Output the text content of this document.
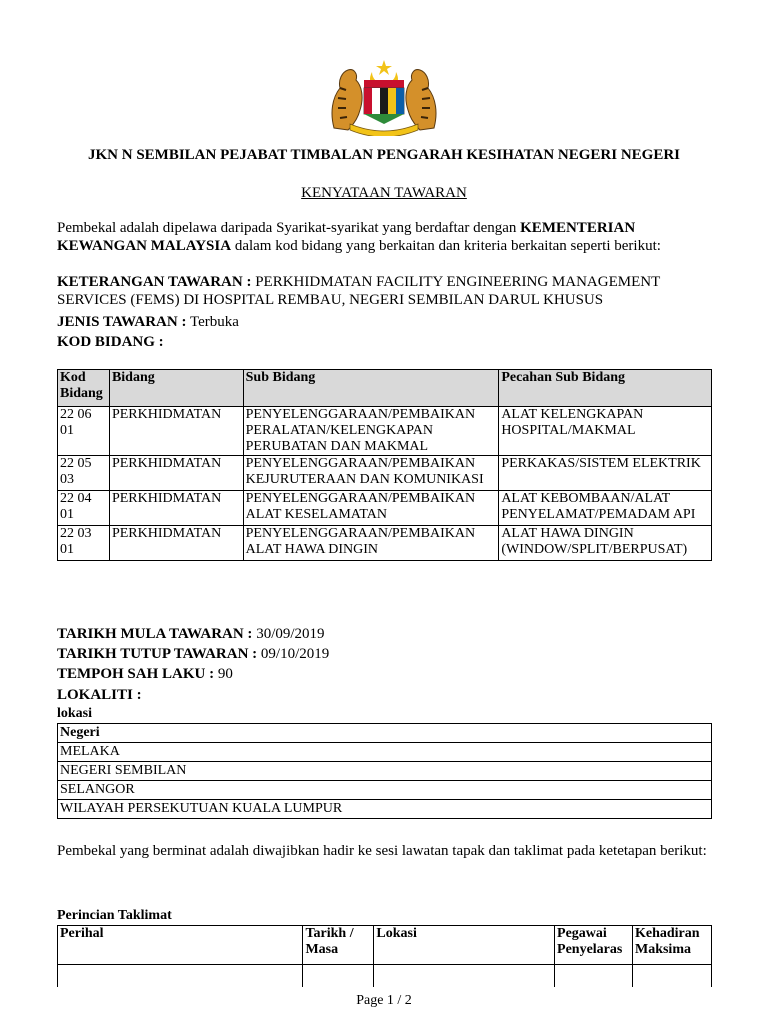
JKN N SEMBILAN PEJABAT TIMBALAN PENGARAH KESIHATAN NEGERI NEGERI
KENYATAAN TAWARAN
Pembekal adalah dipelawa daripada Syarikat-syarikat yang berdaftar dengan KEMENTERIAN KEWANGAN MALAYSIA dalam kod bidang yang berkaitan dan kriteria berkaitan seperti berikut:
KETERANGAN TAWARAN : PERKHIDMATAN FACILITY ENGINEERING MANAGEMENT SERVICES (FEMS) DI HOSPITAL REMBAU, NEGERI SEMBILAN DARUL KHUSUS
JENIS TAWARAN : Terbuka
KOD BIDANG :
Kod Bidang	Bidang	Sub Bidang	Pecahan Sub Bidang
22 06 01	PERKHIDMATAN	PENYELENGGARAAN/PEMBAIKAN PERALATAN/KELENGKAPAN PERUBATAN DAN MAKMAL	ALAT KELENGKAPAN HOSPITAL/MAKMAL
22 05 03	PERKHIDMATAN	PENYELENGGARAAN/PEMBAIKAN KEJURUTERAAN DAN KOMUNIKASI	PERKAKAS/SISTEM ELEKTRIK
22 04 01	PERKHIDMATAN	PENYELENGGARAAN/PEMBAIKAN ALAT KESELAMATAN	ALAT KEBOMBAAN/ALAT PENYELAMAT/PEMADAM API
22 03 01	PERKHIDMATAN	PENYELENGGARAAN/PEMBAIKAN ALAT HAWA DINGIN	ALAT HAWA DINGIN (WINDOW/SPLIT/BERPUSAT)
TARIKH MULA TAWARAN : 30/09/2019
TARIKH TUTUP TAWARAN : 09/10/2019
TEMPOH SAH LAKU : 90
LOKALITI :
lokasi
Negeri
MELAKA
NEGERI SEMBILAN
SELANGOR
WILAYAH PERSEKUTUAN KUALA LUMPUR
Pembekal yang berminat adalah diwajibkan hadir ke sesi lawatan tapak dan taklimat pada ketetapan berikut:
Perincian Taklimat
Perihal	Tarikh / Masa	Lokasi	Pegawai Penyelaras	Kehadiran Maksima

Page 1 / 2
